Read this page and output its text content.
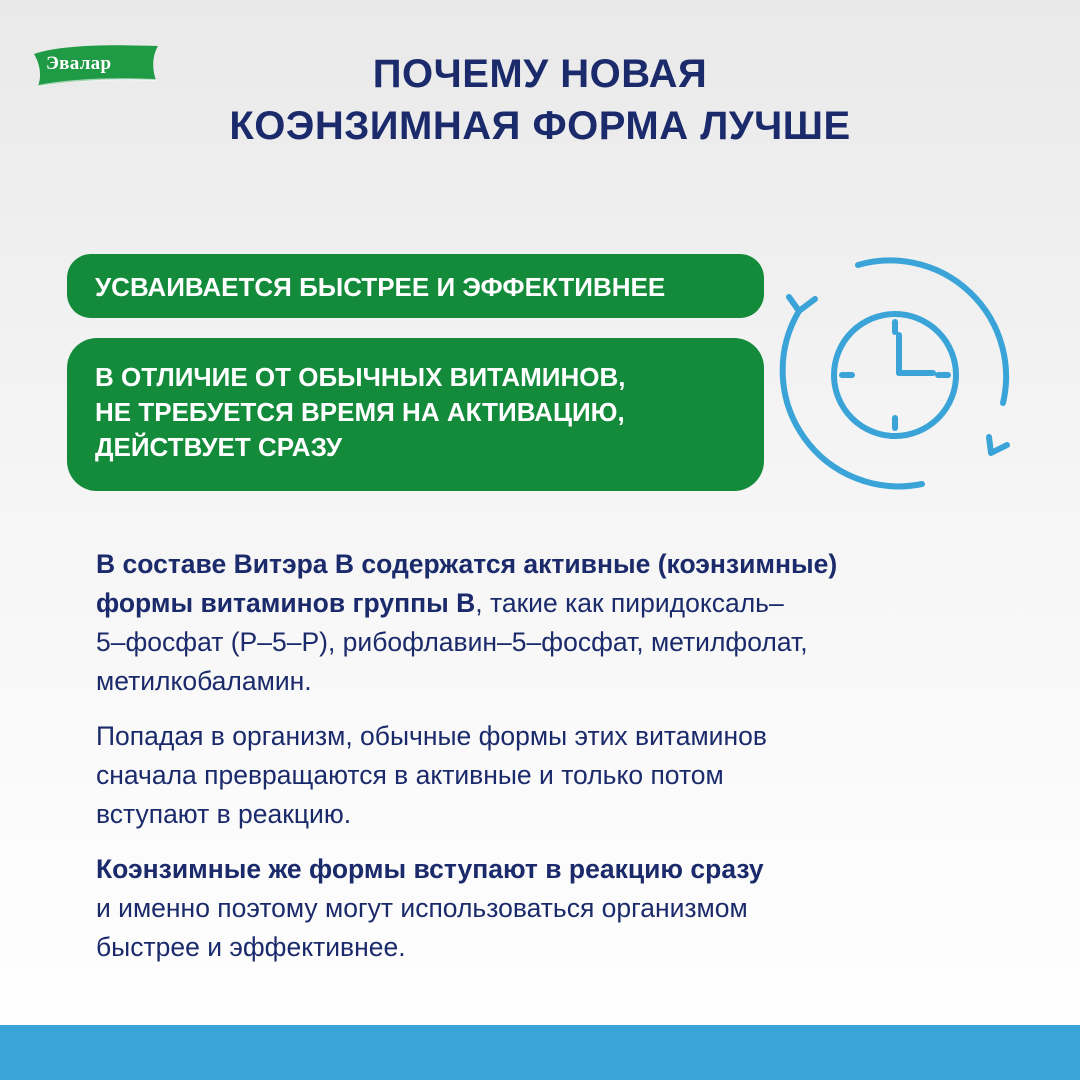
Эвалар	ПОЧЕМУ НОВАЯ
КОЭНЗИМНАЯ ФОРМА ЛУЧШЕ
УСВАИВАЕТСЯ БЫСТРЕЕ И ЭФФЕКТИВНЕЕ
В ОТЛИЧИЕ ОТ ОБЫЧНЫХ ВИТАМИНОВ,
НЕ ТРЕБУЕТСЯ ВРЕМЯ НА АКТИВАЦИЮ,
ДЕЙСТВУЕТ СРАЗУ

В составе Витэра В содержатся активные (коэнзимные)
формы витаминов группы В, такие как пиридоксаль–
5–фосфат (P–5–P), рибофлавин–5–фосфат, метилфолат,
метилкобаламин.

Попадая в организм, обычные формы этих витаминов
сначала превращаются в активные и только потом
вступают в реакцию.

Коэнзимные же формы вступают в реакцию сразу
и именно поэтому могут использоваться организмом
быстрее и эффективнее.
